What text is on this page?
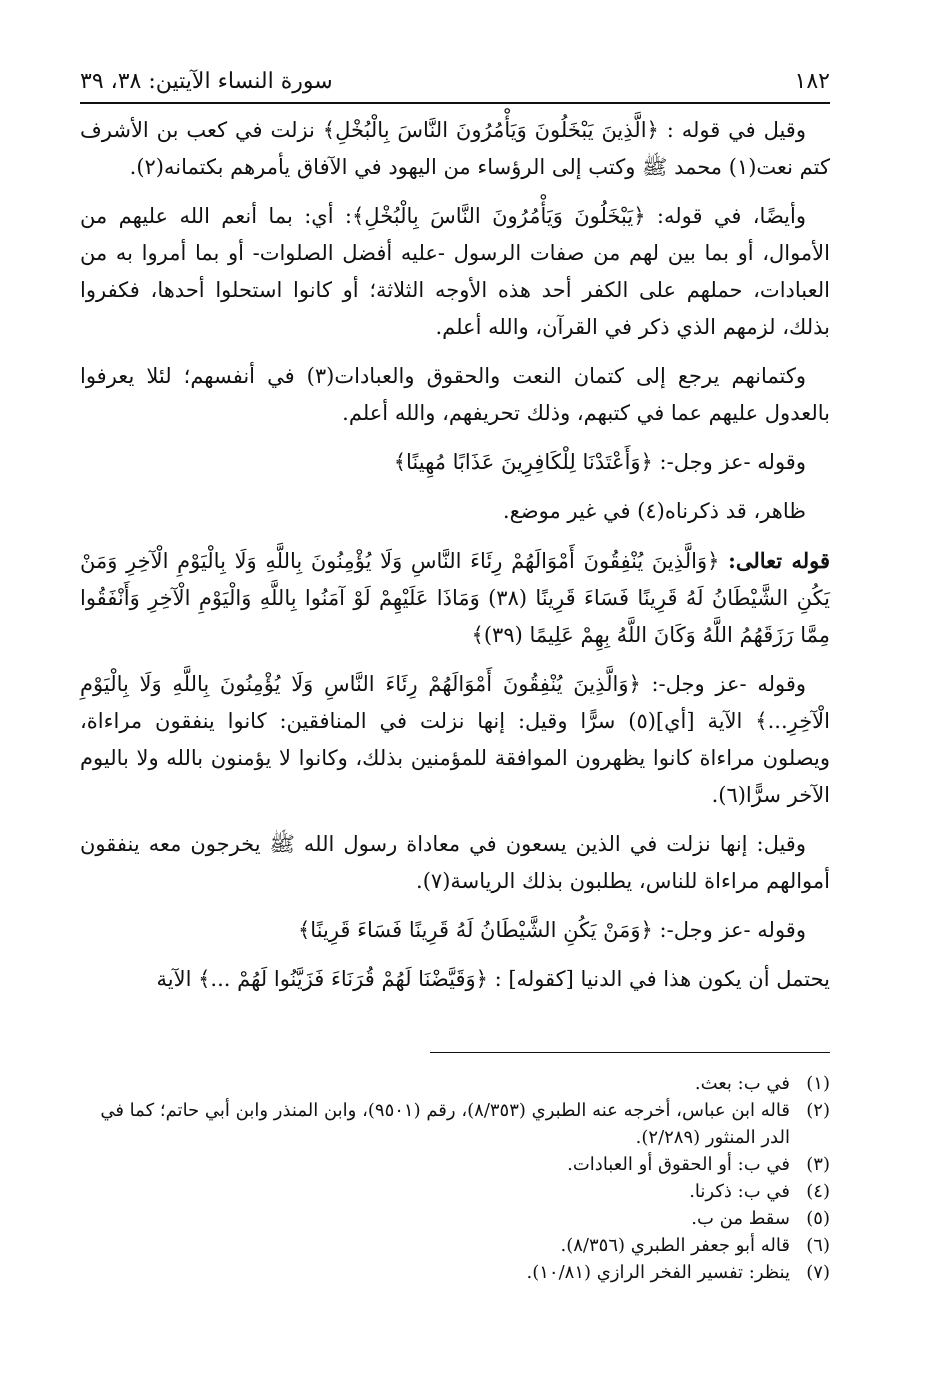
١٨٢
سورة النساء الآيتين: ٣٨، ٣٩

وقيل في قوله : ﴿الَّذِينَ يَبْخَلُونَ وَيَأْمُرُونَ النَّاسَ بِالْبُخْلِ﴾ نزلت في كعب بن الأشرف كتم نعت(١) محمد ﷺ وكتب إلى الرؤساء من اليهود في الآفاق يأمرهم بكتمانه(٢).

وأيضًا، في قوله: ﴿يَبْخَلُونَ وَيَأْمُرُونَ النَّاسَ بِالْبُخْلِ﴾: أي: بما أنعم الله عليهم من الأموال، أو بما بين لهم من صفات الرسول -عليه أفضل الصلوات- أو بما أمروا به من العبادات، حملهم على الكفر أحد هذه الأوجه الثلاثة؛ أو كانوا استحلوا أحدها، فكفروا بذلك، لزمهم الذي ذكر في القرآن، والله أعلم.

وكتمانهم يرجع إلى كتمان النعت والحقوق والعبادات(٣) في أنفسهم؛ لئلا يعرفوا بالعدول عليهم عما في كتبهم، وذلك تحريفهم، والله أعلم.

وقوله -عز وجل-: ﴿وَأَعْتَدْنَا لِلْكَافِرِينَ عَذَابًا مُهِينًا﴾

ظاهر، قد ذكرناه(٤) في غير موضع.

قوله تعالى: ﴿وَالَّذِينَ يُنْفِقُونَ أَمْوَالَهُمْ رِئَاءَ النَّاسِ وَلَا يُؤْمِنُونَ بِاللَّهِ وَلَا بِالْيَوْمِ الْآخِرِ وَمَنْ يَكُنِ الشَّيْطَانُ لَهُ قَرِينًا فَسَاءَ قَرِينًا (٣٨) وَمَاذَا عَلَيْهِمْ لَوْ آمَنُوا بِاللَّهِ وَالْيَوْمِ الْآخِرِ وَأَنْفَقُوا مِمَّا رَزَقَهُمُ اللَّهُ وَكَانَ اللَّهُ بِهِمْ عَلِيمًا (٣٩)﴾

وقوله -عز وجل-: ﴿وَالَّذِينَ يُنْفِقُونَ أَمْوَالَهُمْ رِئَاءَ النَّاسِ وَلَا يُؤْمِنُونَ بِاللَّهِ وَلَا بِالْيَوْمِ الْآخِرِ...﴾ الآية [أي](٥) سرًّا وقيل: إنها نزلت في المنافقين: كانوا ينفقون مراءاة، ويصلون مراءاة كانوا يظهرون الموافقة للمؤمنين بذلك، وكانوا لا يؤمنون بالله ولا باليوم الآخر سرًّا(٦).

وقيل: إنها نزلت في الذين يسعون في معاداة رسول الله ﷺ يخرجون معه ينفقون أموالهم مراءاة للناس، يطلبون بذلك الرياسة(٧).

وقوله -عز وجل-: ﴿وَمَنْ يَكُنِ الشَّيْطَانُ لَهُ قَرِينًا فَسَاءَ قَرِينًا﴾

يحتمل أن يكون هذا في الدنيا [كقوله] : ﴿وَقَيَّضْنَا لَهُمْ قُرَنَاءَ فَزَيَّنُوا لَهُمْ ...﴾ الآية

(١)
في ب: بعث.
(٢)
قاله ابن عباس، أخرجه عنه الطبري (٨/٣٥٣)، رقم (٩٥٠١)، وابن المنذر وابن أبي حاتم؛ كما في الدر المنثور (٢/٢٨٩).
(٣)
في ب: أو الحقوق أو العبادات.
(٤)
في ب: ذكرنا.
(٥)
سقط من ب.
(٦)
قاله أبو جعفر الطبري (٨/٣٥٦).
(٧)
ينظر: تفسير الفخر الرازي (١٠/٨١).
